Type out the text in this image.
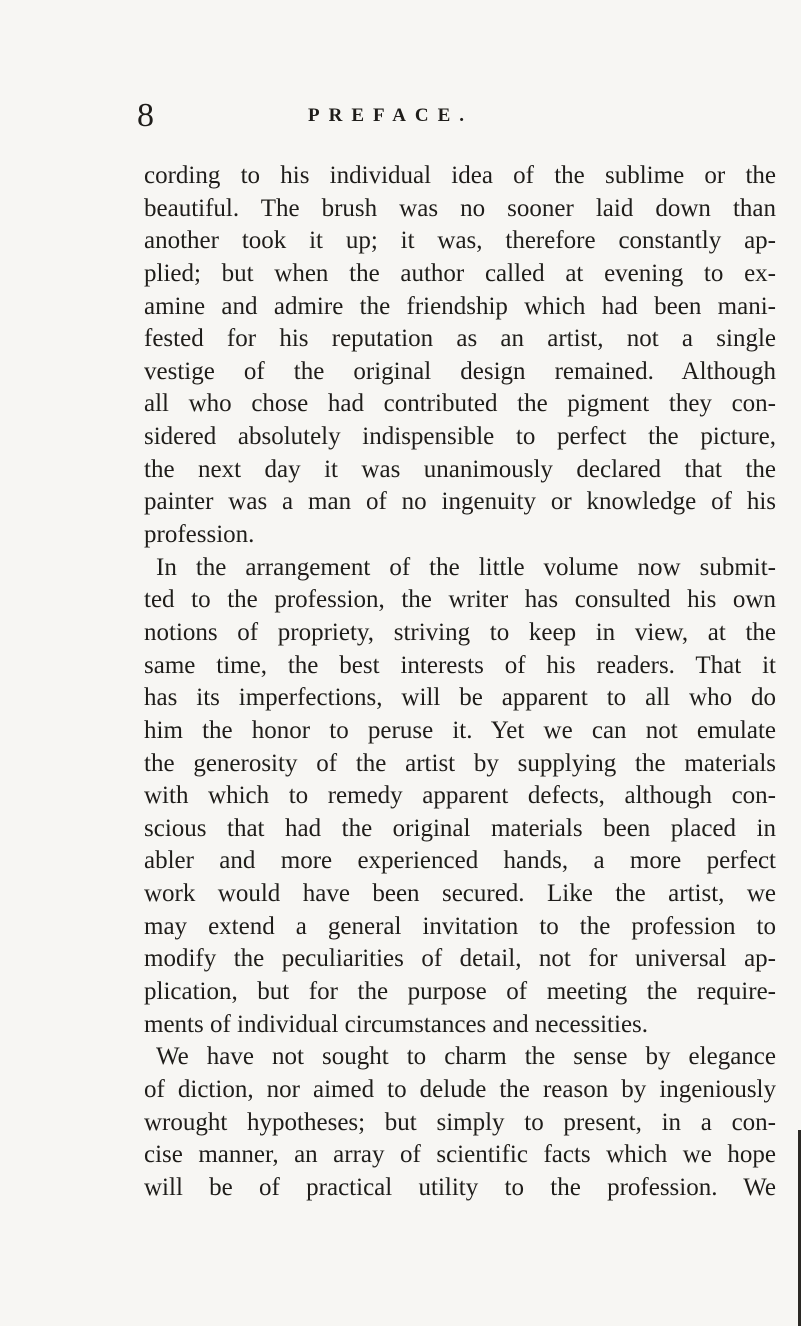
8	PREFACE.
cording to his individual idea of the sublime or the
beautiful. The brush was no sooner laid down than
another took it up; it was, therefore constantly ap-
plied; but when the author called at evening to ex-
amine and admire the friendship which had been mani-
fested for his reputation as an artist, not a single
vestige of the original design remained. Although
all who chose had contributed the pigment they con-
sidered absolutely indispensible to perfect the picture,
the next day it was unanimously declared that the
painter was a man of no ingenuity or knowledge of his
profession.
In the arrangement of the little volume now submit-
ted to the profession, the writer has consulted his own
notions of propriety, striving to keep in view, at the
same time, the best interests of his readers. That it
has its imperfections, will be apparent to all who do
him the honor to peruse it. Yet we can not emulate
the generosity of the artist by supplying the materials
with which to remedy apparent defects, although con-
scious that had the original materials been placed in
abler and more experienced hands, a more perfect
work would have been secured. Like the artist, we
may extend a general invitation to the profession to
modify the peculiarities of detail, not for universal ap-
plication, but for the purpose of meeting the require-
ments of individual circumstances and necessities.
We have not sought to charm the sense by elegance
of diction, nor aimed to delude the reason by ingeniously
wrought hypotheses; but simply to present, in a con-
cise manner, an array of scientific facts which we hope
will be of practical utility to the profession. We
